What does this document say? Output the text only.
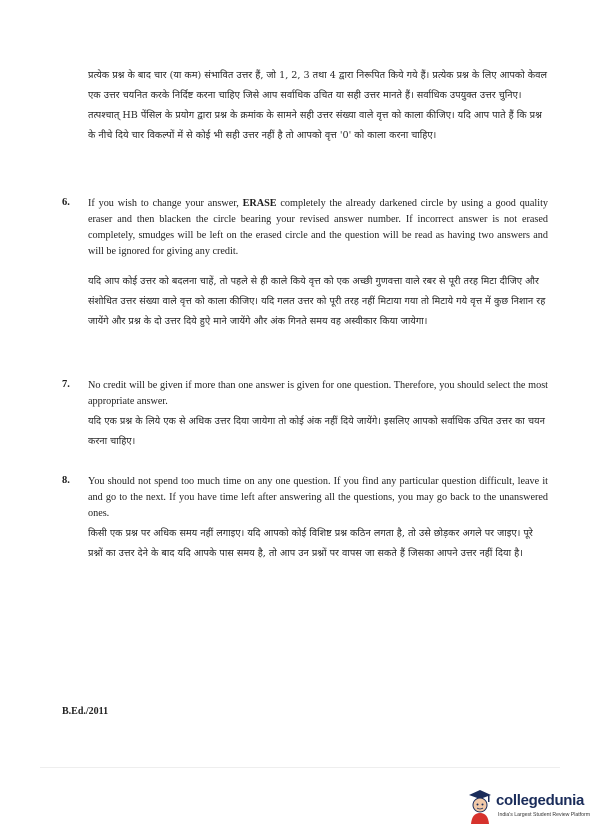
प्रत्येक प्रश्न के बाद चार (या कम) संभावित उत्तर हैं, जो 1, 2, 3 तथा 4 द्वारा निरूपित किये गये हैं। प्रत्येक प्रश्न के लिए आपको केवल एक उत्तर चयनित करके निर्दिष्ट करना चाहिए जिसे आप सर्वाधिक उचित या सही उत्तर मानते हैं। सर्वाधिक उपयुक्त उत्तर चुनिए। तत्पश्चात् HB पेंसिल के प्रयोग द्वारा प्रश्न के क्रमांक के सामने सही उत्तर संख्या वाले वृत्त को काला कीजिए। यदि आप पाते हैं कि प्रश्न के नीचे दिये चार विकल्पों में से कोई भी सही उत्तर नहीं है तो आपको वृत्त '0' को काला करना चाहिए।
6. If you wish to change your answer, ERASE completely the already darkened circle by using a good quality eraser and then blacken the circle bearing your revised answer number. If incorrect answer is not erased completely, smudges will be left on the erased circle and the question will be read as having two answers and will be ignored for giving any credit.
यदि आप कोई उत्तर को बदलना चाहें, तो पहले से ही काले किये वृत्त को एक अच्छी गुणवत्ता वाले रबर से पूरी तरह मिटा दीजिए और संशोधित उत्तर संख्या वाले वृत्त को काला कीजिए। यदि गलत उत्तर को पूरी तरह नहीं मिटाया गया तो मिटाये गये वृत्त में कुछ निशान रह जायेंगे और प्रश्न के दो उत्तर दिये हुऐ माने जायेंगे और अंक गिनते समय वह अस्वीकार किया जायेगा।
7. No credit will be given if more than one answer is given for one question. Therefore, you should select the most appropriate answer.
यदि एक प्रश्न के लिये एक से अधिक उत्तर दिया जायेगा तो कोई अंक नहीं दिये जायेंगे। इसलिए आपको सर्वाधिक उचित उत्तर का चयन करना चाहिए।
8. You should not spend too much time on any one question. If you find any particular question difficult, leave it and go to the next. If you have time left after answering all the questions, you may go back to the unanswered ones.
किसी एक प्रश्न पर अधिक समय नहीं लगाइए। यदि आपको कोई विशिष्ट प्रश्न कठिन लगता है, तो उसे छोड़कर अगले पर जाइए। पूरे प्रश्नों का उत्तर देने के बाद यदि आपके पास समय है, तो आप उन प्रश्नों पर वापस जा सकते हैं जिसका आपने उत्तर नहीं दिया है।
B.Ed./2011
collegedunia
India's Largest Student Review Platform
